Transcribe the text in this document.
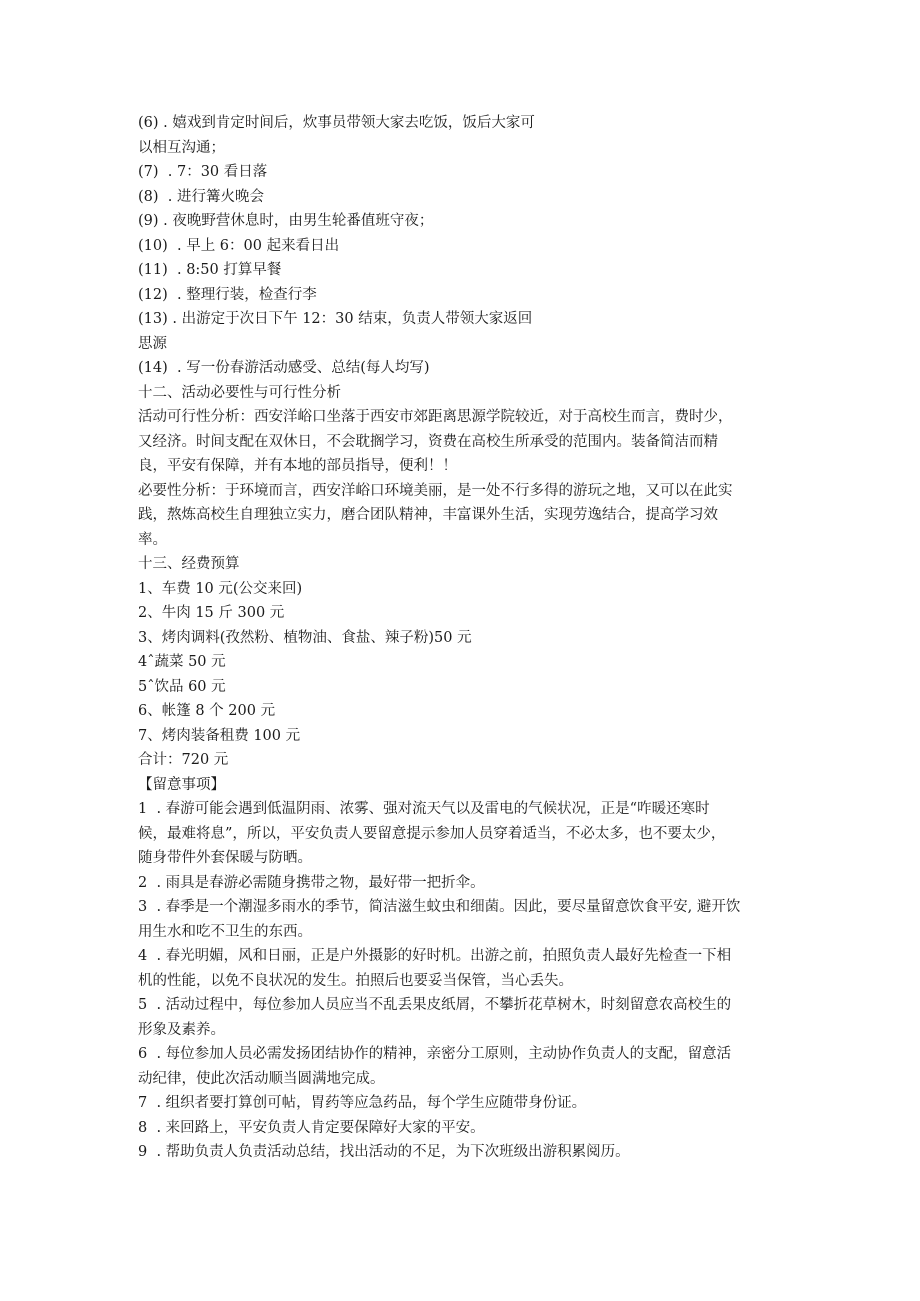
(6) . 嬉戏到肯定时间后，炊事员带领大家去吃饭，饭后大家可
以相互沟通；
(7)  . 7：30 看日落
(8)  . 进行篝火晚会
(9) . 夜晚野营休息时，由男生轮番值班守夜；
(10)  . 早上 6：00 起来看日出
(11)  . 8:50 打算早餐
(12)  . 整理行装，检查行李
(13) . 出游定于次日下午 12：30 结束，负责人带领大家返回
思源
(14)  . 写一份春游活动感受、总结(每人均写)
十二、活动必要性与可行性分析
活动可行性分析：西安洋峪口坐落于西安市郊距离思源学院较近，对于高校生而言，费时少，
又经济。时间支配在双休日，不会耽搁学习，资费在高校生所承受的范围内。装备简洁而精
良，平安有保障，并有本地的部员指导，便利！！
必要性分析：于环境而言，西安洋峪口环境美丽，是一处不行多得的游玩之地，又可以在此实
践，熬炼高校生自理独立实力，磨合团队精神，丰富课外生活，实现劳逸结合，提高学习效
率。
十三、经费预算
1、车费 10 元(公交来回)
2、牛肉 15 斤 300 元
3、烤肉调料(孜然粉、植物油、食盐、辣子粉)50 元
4ˆ蔬菜 50 元
5ˆ饮品 60 元
6、帐篷 8 个 200 元
7、烤肉装备租费 100 元
合计：720 元
【留意事项】
1  . 春游可能会遇到低温阴雨、浓雾、强对流天气以及雷电的气候状况，正是“咋暖还寒时
候，最难将息”，所以，平安负责人要留意提示参加人员穿着适当，不必太多，也不要太少，
随身带件外套保暖与防晒。
2  . 雨具是春游必需随身携带之物，最好带一把折伞。
3  . 春季是一个潮湿多雨水的季节，简洁滋生蚊虫和细菌。因此，要尽量留意饮食平安, 避开饮
用生水和吃不卫生的东西。
4  . 春光明媚，风和日丽，正是户外摄影的好时机。出游之前，拍照负责人最好先检查一下相
机的性能，以免不良状况的发生。拍照后也要妥当保管，当心丢失。
5  . 活动过程中，每位参加人员应当不乱丢果皮纸屑，不攀折花草树木，时刻留意农高校生的
形象及素养。
6  . 每位参加人员必需发扬团结协作的精神，亲密分工原则，主动协作负责人的支配，留意活
动纪律，使此次活动顺当圆满地完成。
7  . 组织者要打算创可帖，胃药等应急药品，每个学生应随带身份证。
8  . 来回路上，平安负责人肯定要保障好大家的平安。
9  . 帮助负责人负责活动总结，找出活动的不足，为下次班级出游积累阅历。
